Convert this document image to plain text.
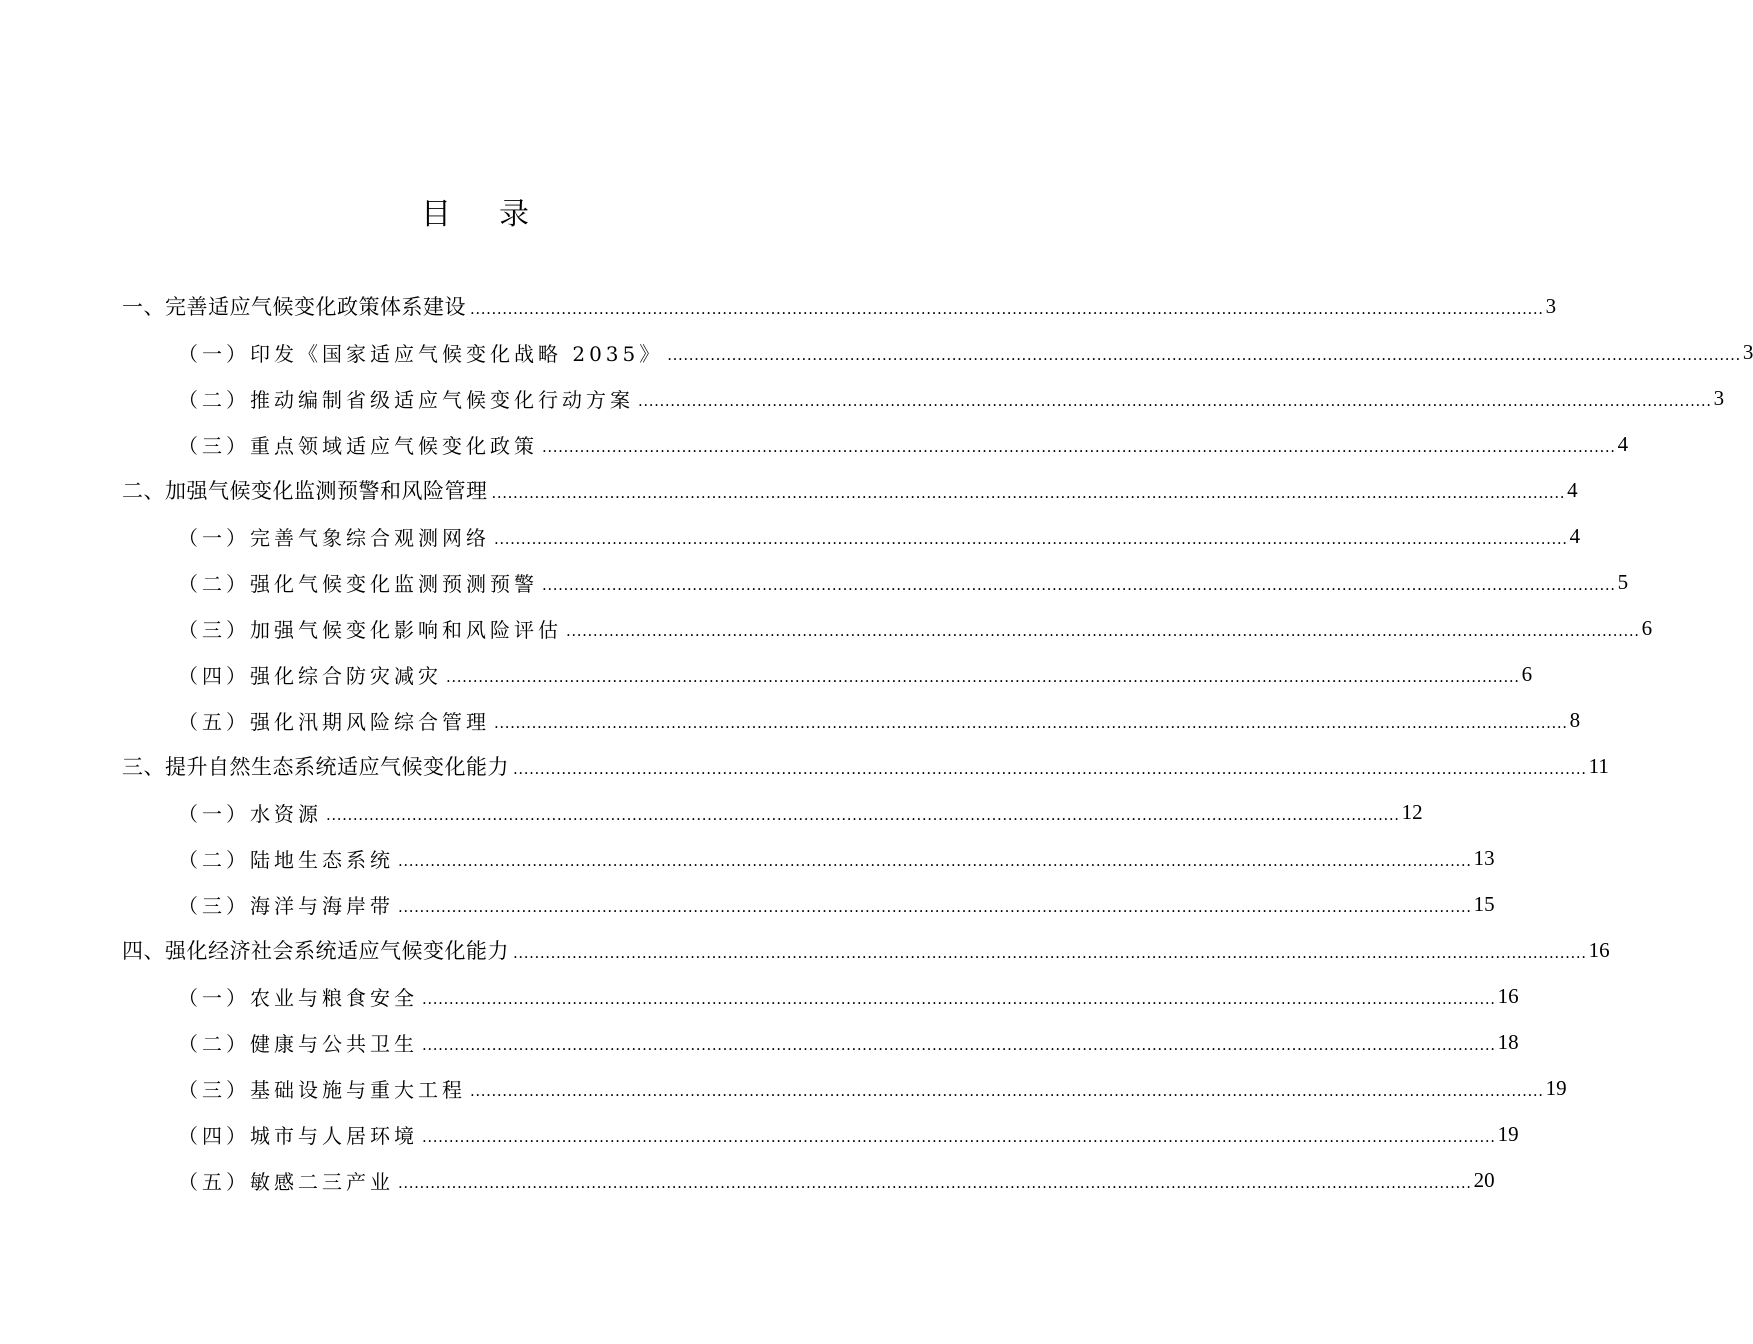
目 录
一、完善适应气候变化政策体系建设 ........................................................................................................................................................................................................ 3
（一）印发《国家适应气候变化战略 2035》 ........................................................................................................................................................................................................ 3
（二）推动编制省级适应气候变化行动方案 ........................................................................................................................................................................................................ 3
（三）重点领域适应气候变化政策 ........................................................................................................................................................................................................ 4
二、加强气候变化监测预警和风险管理 ........................................................................................................................................................................................................ 4
（一）完善气象综合观测网络 ........................................................................................................................................................................................................ 4
（二）强化气候变化监测预测预警 ........................................................................................................................................................................................................ 5
（三）加强气候变化影响和风险评估 ........................................................................................................................................................................................................ 6
（四）强化综合防灾减灾 ........................................................................................................................................................................................................ 6
（五）强化汛期风险综合管理 ........................................................................................................................................................................................................ 8
三、提升自然生态系统适应气候变化能力 ........................................................................................................................................................................................................ 11
（一）水资源 ........................................................................................................................................................................................................ 12
（二）陆地生态系统 ........................................................................................................................................................................................................ 13
（三）海洋与海岸带 ........................................................................................................................................................................................................ 15
四、强化经济社会系统适应气候变化能力 ........................................................................................................................................................................................................ 16
（一）农业与粮食安全 ........................................................................................................................................................................................................ 16
（二）健康与公共卫生 ........................................................................................................................................................................................................ 18
（三）基础设施与重大工程 ........................................................................................................................................................................................................ 19
（四）城市与人居环境 ........................................................................................................................................................................................................ 19
（五）敏感二三产业 ........................................................................................................................................................................................................ 20
